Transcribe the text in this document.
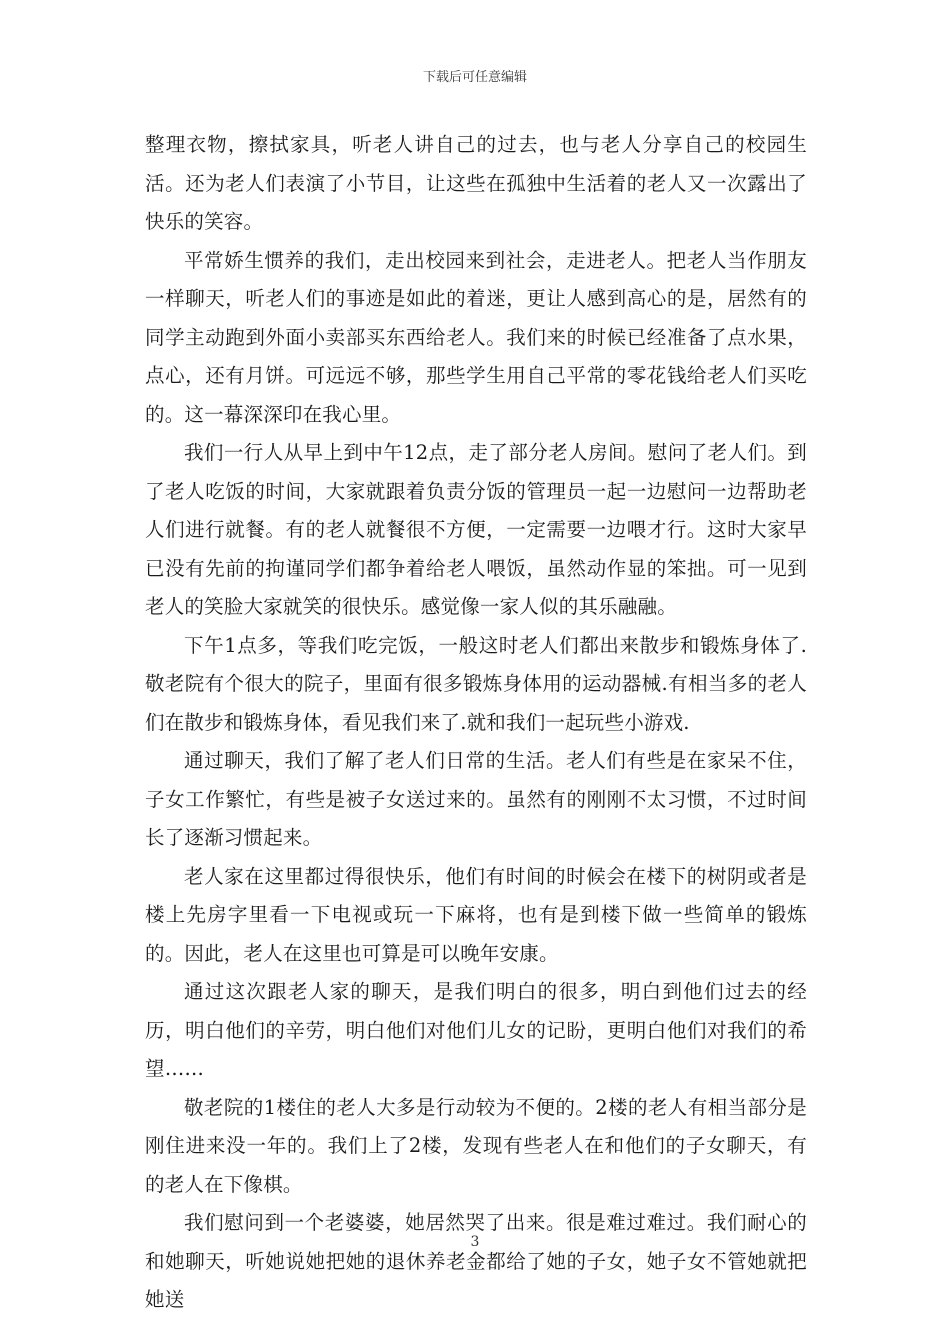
下载后可任意编辑

整理衣物，擦拭家具，听老人讲自己的过去，也与老人分享自己的校园生活。还为老人们表演了小节目，让这些在孤独中生活着的老人又一次露出了快乐的笑容。

平常娇生惯养的我们，走出校园来到社会，走进老人。把老人当作朋友一样聊天，听老人们的事迹是如此的着迷，更让人感到高心的是，居然有的同学主动跑到外面小卖部买东西给老人。我们来的时候已经准备了点水果，点心，还有月饼。可远远不够，那些学生用自己平常的零花钱给老人们买吃的。这一幕深深印在我心里。

我们一行人从早上到中午12点，走了部分老人房间。慰问了老人们。到了老人吃饭的时间，大家就跟着负责分饭的管理员一起一边慰问一边帮助老人们进行就餐。有的老人就餐很不方便，一定需要一边喂才行。这时大家早已没有先前的拘谨同学们都争着给老人喂饭，虽然动作显的笨拙。可一见到老人的笑脸大家就笑的很快乐。感觉像一家人似的其乐融融。

下午1点多，等我们吃完饭，一般这时老人们都出来散步和锻炼身体了.敬老院有个很大的院子，里面有很多锻炼身体用的运动器械.有相当多的老人们在散步和锻炼身体，看见我们来了.就和我们一起玩些小游戏.

通过聊天，我们了解了老人们日常的生活。老人们有些是在家呆不住，子女工作繁忙，有些是被子女送过来的。虽然有的刚刚不太习惯，不过时间长了逐渐习惯起来。

老人家在这里都过得很快乐，他们有时间的时候会在楼下的树阴或者是楼上先房字里看一下电视或玩一下麻将，也有是到楼下做一些简单的锻炼的。因此，老人在这里也可算是可以晚年安康。

通过这次跟老人家的聊天，是我们明白的很多，明白到他们过去的经历，明白他们的辛劳，明白他们对他们儿女的记盼，更明白他们对我们的希望……

敬老院的1楼住的老人大多是行动较为不便的。2楼的老人有相当部分是刚住进来没一年的。我们上了2楼，发现有些老人在和他们的子女聊天，有的老人在下像棋。

我们慰问到一个老婆婆，她居然哭了出来。很是难过难过。我们耐心的和她聊天，听她说她把她的退休养老金都给了她的子女，她子女不管她就把她送

3
